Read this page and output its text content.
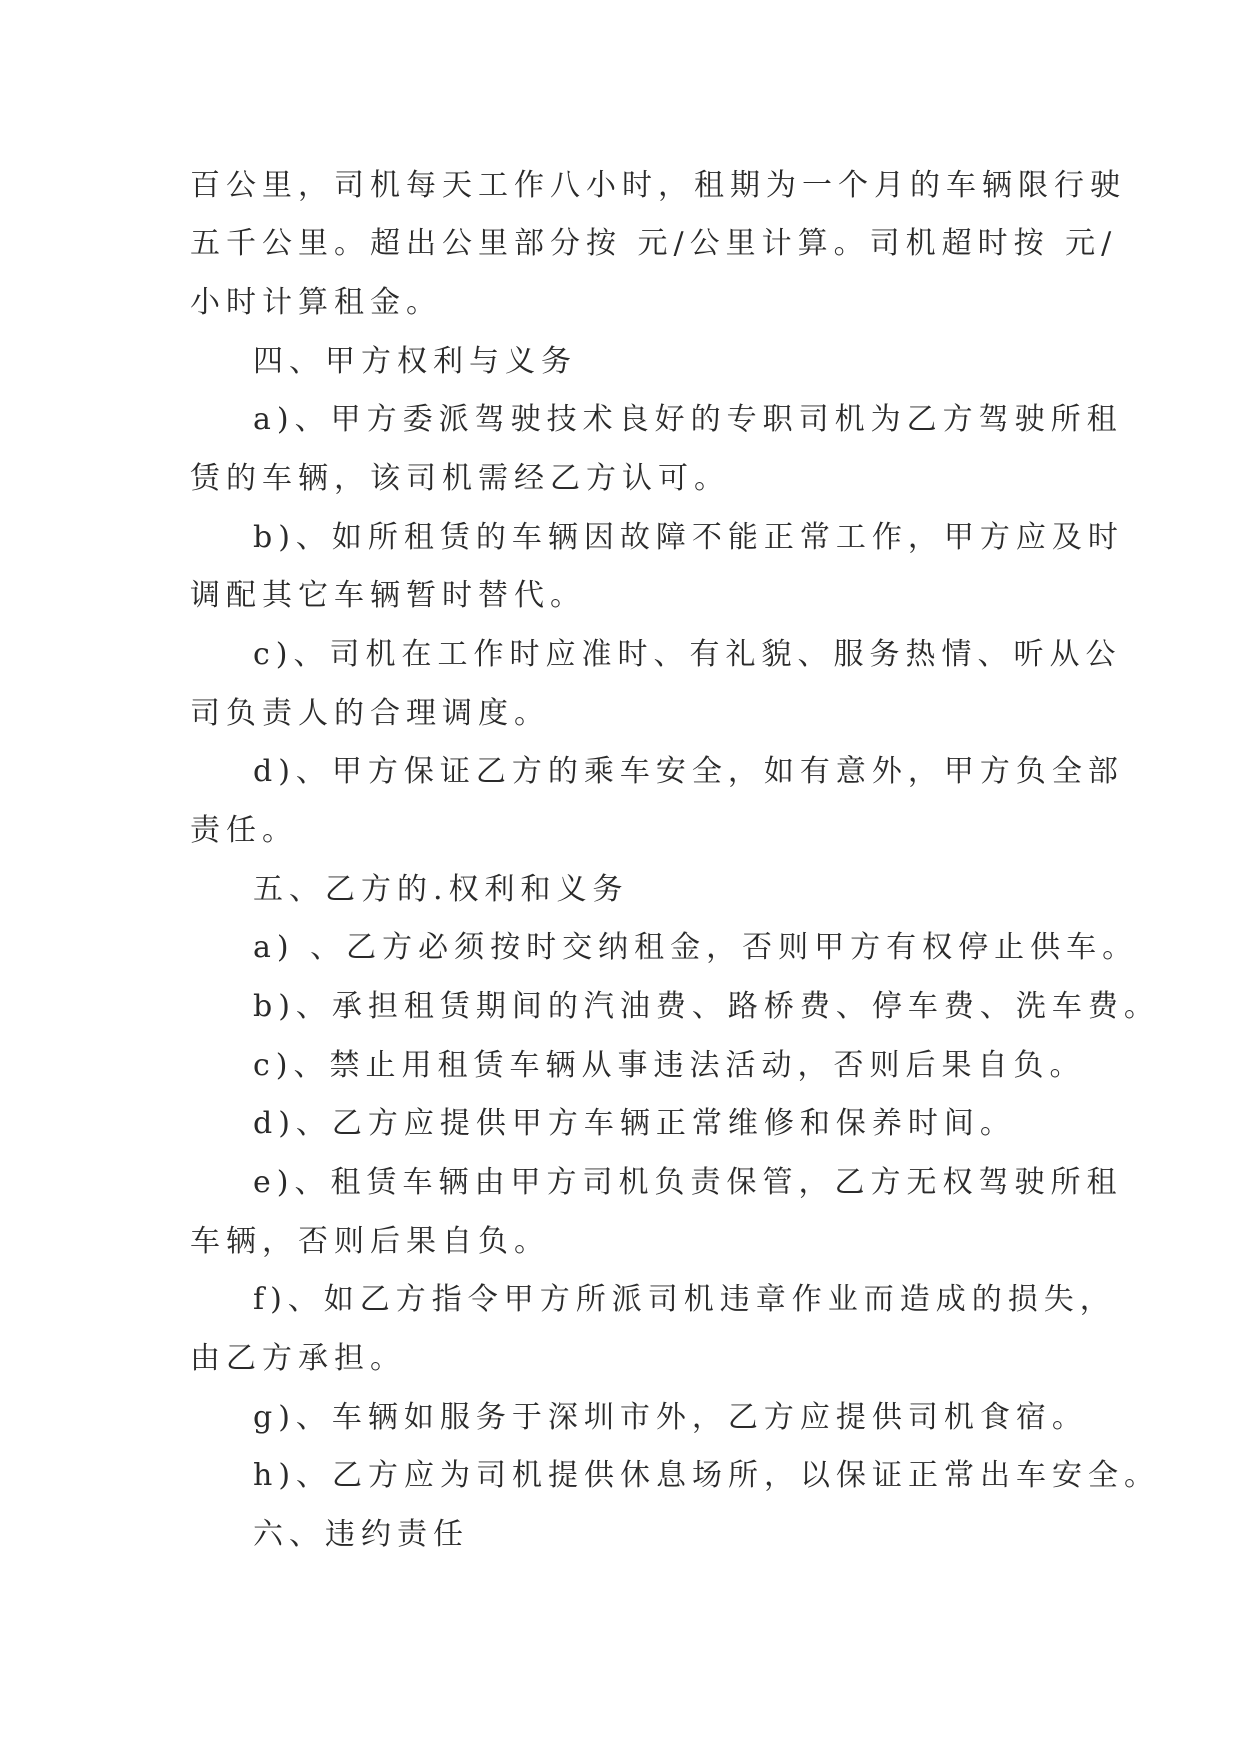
百公里，司机每天工作八小时，租期为一个月的车辆限行驶
五千公里。超出公里部分按 元/公里计算。司机超时按 元/
小时计算租金。
四、甲方权利与义务
a)、甲方委派驾驶技术良好的专职司机为乙方驾驶所租
赁的车辆，该司机需经乙方认可。
b)、如所租赁的车辆因故障不能正常工作，甲方应及时
调配其它车辆暂时替代。
c)、司机在工作时应准时、有礼貌、服务热情、听从公
司负责人的合理调度。
d)、甲方保证乙方的乘车安全，如有意外，甲方负全部
责任。
五、乙方的.权利和义务
a) 、乙方必须按时交纳租金，否则甲方有权停止供车。
b)、承担租赁期间的汽油费、路桥费、停车费、洗车费。
c)、禁止用租赁车辆从事违法活动，否则后果自负。
d)、乙方应提供甲方车辆正常维修和保养时间。
e)、租赁车辆由甲方司机负责保管，乙方无权驾驶所租
车辆，否则后果自负。
f)、如乙方指令甲方所派司机违章作业而造成的损失，
由乙方承担。
g)、车辆如服务于深圳市外，乙方应提供司机食宿。
h)、乙方应为司机提供休息场所，以保证正常出车安全。
六、违约责任
